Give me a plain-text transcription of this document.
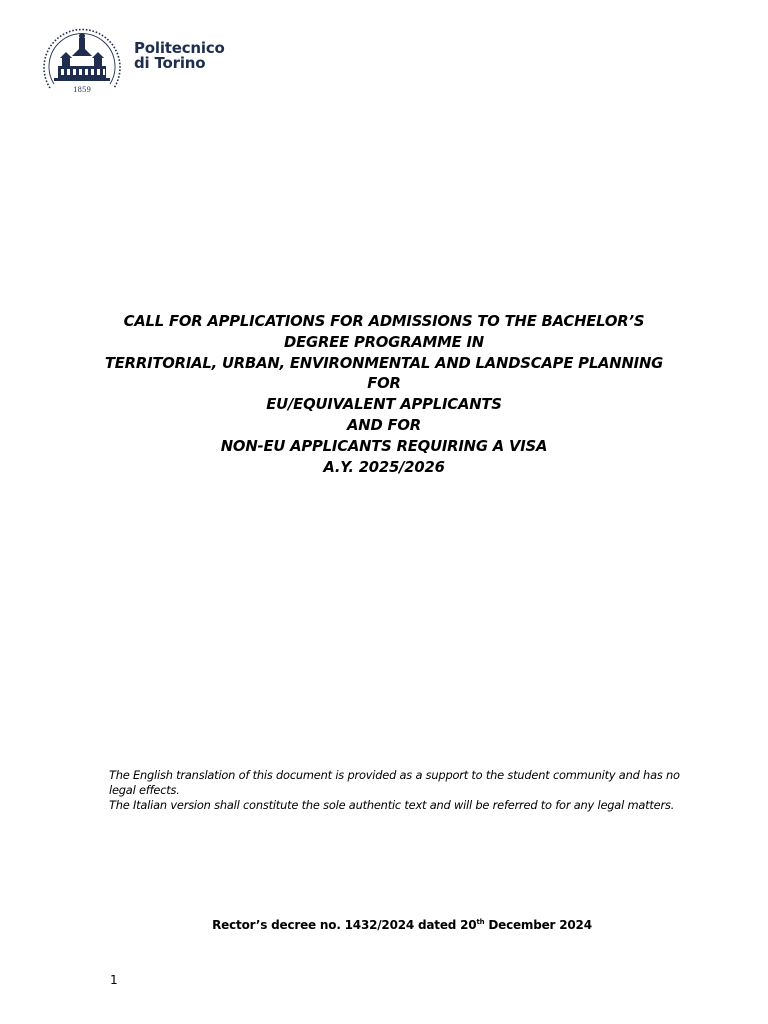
1859
Politecnico
di Torino
CALL FOR APPLICATIONS FOR ADMISSIONS TO THE BACHELOR’S
DEGREE PROGRAMME IN
TERRITORIAL, URBAN, ENVIRONMENTAL AND LANDSCAPE PLANNING
FOR
EU/EQUIVALENT APPLICANTS
AND FOR
NON-EU APPLICANTS REQUIRING A VISA
A.Y. 2025/2026

The English translation of this document is provided as a support to the student community and has no legal effects.

The Italian version shall constitute the sole authentic text and will be referred to for any legal matters.

Rector’s decree no. 1432/2024 dated 20th December 2024
1
